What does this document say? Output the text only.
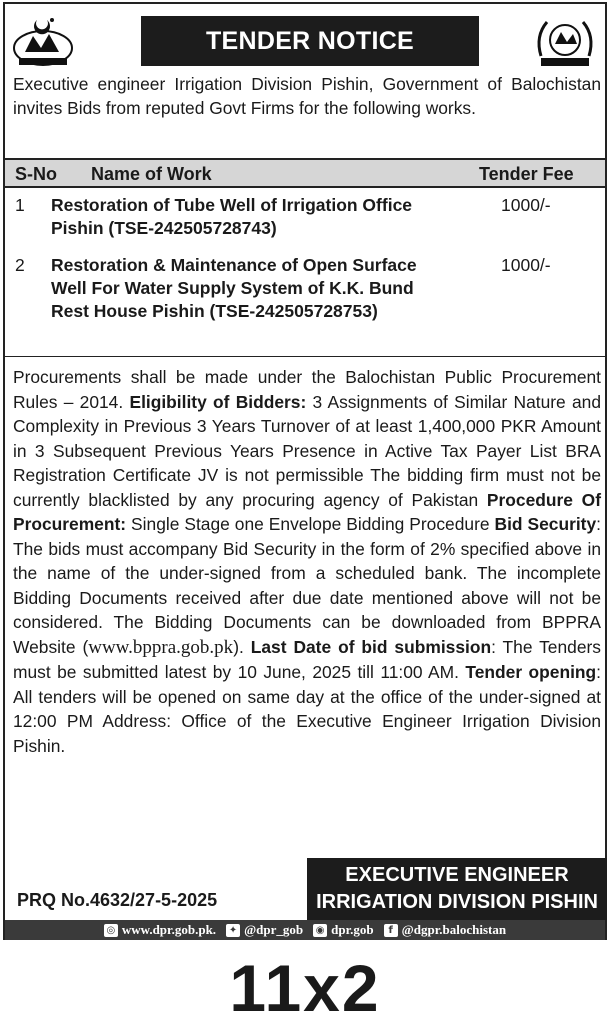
TENDER NOTICE

Executive engineer Irrigation Division Pishin, Government of Balochistan invites Bids from reputed Govt Firms for the following works.

S-No Name of Work	Tender Fee
1 Restoration of Tube Well of Irrigation Office Pishin (TSE-242505728743)
1000/-
2 Restoration & Maintenance of Open Surface Well For Water Supply System of K.K. Bund Rest House Pishin (TSE-242505728753)
1000/-

Procurements shall be made under the Balochistan Public Procurement Rules – 2014. Eligibility of Bidders: 3 Assignments of Similar Nature and Complexity in Previous 3 Years Turnover of at least 1,400,000 PKR Amount in 3 Subsequent Previous Years Presence in Active Tax Payer List BRA Registration Certificate JV is not permissible The bidding firm must not be currently blacklisted by any procuring agency of Pakistan Procedure Of Procurement: Single Stage one Envelope Bidding Procedure Bid Security: The bids must accompany Bid Security in the form of 2% specified above in the name of the under-signed from a scheduled bank. The incomplete Bidding Documents received after due date mentioned above will not be considered. The Bidding Documents can be downloaded from BPPRA Website (www.bppra.gob.pk). Last Date of bid submission: The Tenders must be submitted latest by 10 June, 2025 till 11:00 AM. Tender opening: All tenders will be opened on same day at the office of the under-signed at 12:00 PM Address: Office of the Executive Engineer Irrigation Division Pishin.

PRQ No.4632/27-5-2025
EXECUTIVE ENGINEER
IRRIGATION DIVISION PISHIN
◎ www.dpr.gob.pk. ✦ @dpr_gob ◉ dpr.gob	f @dgpr.balochistan
11x2
